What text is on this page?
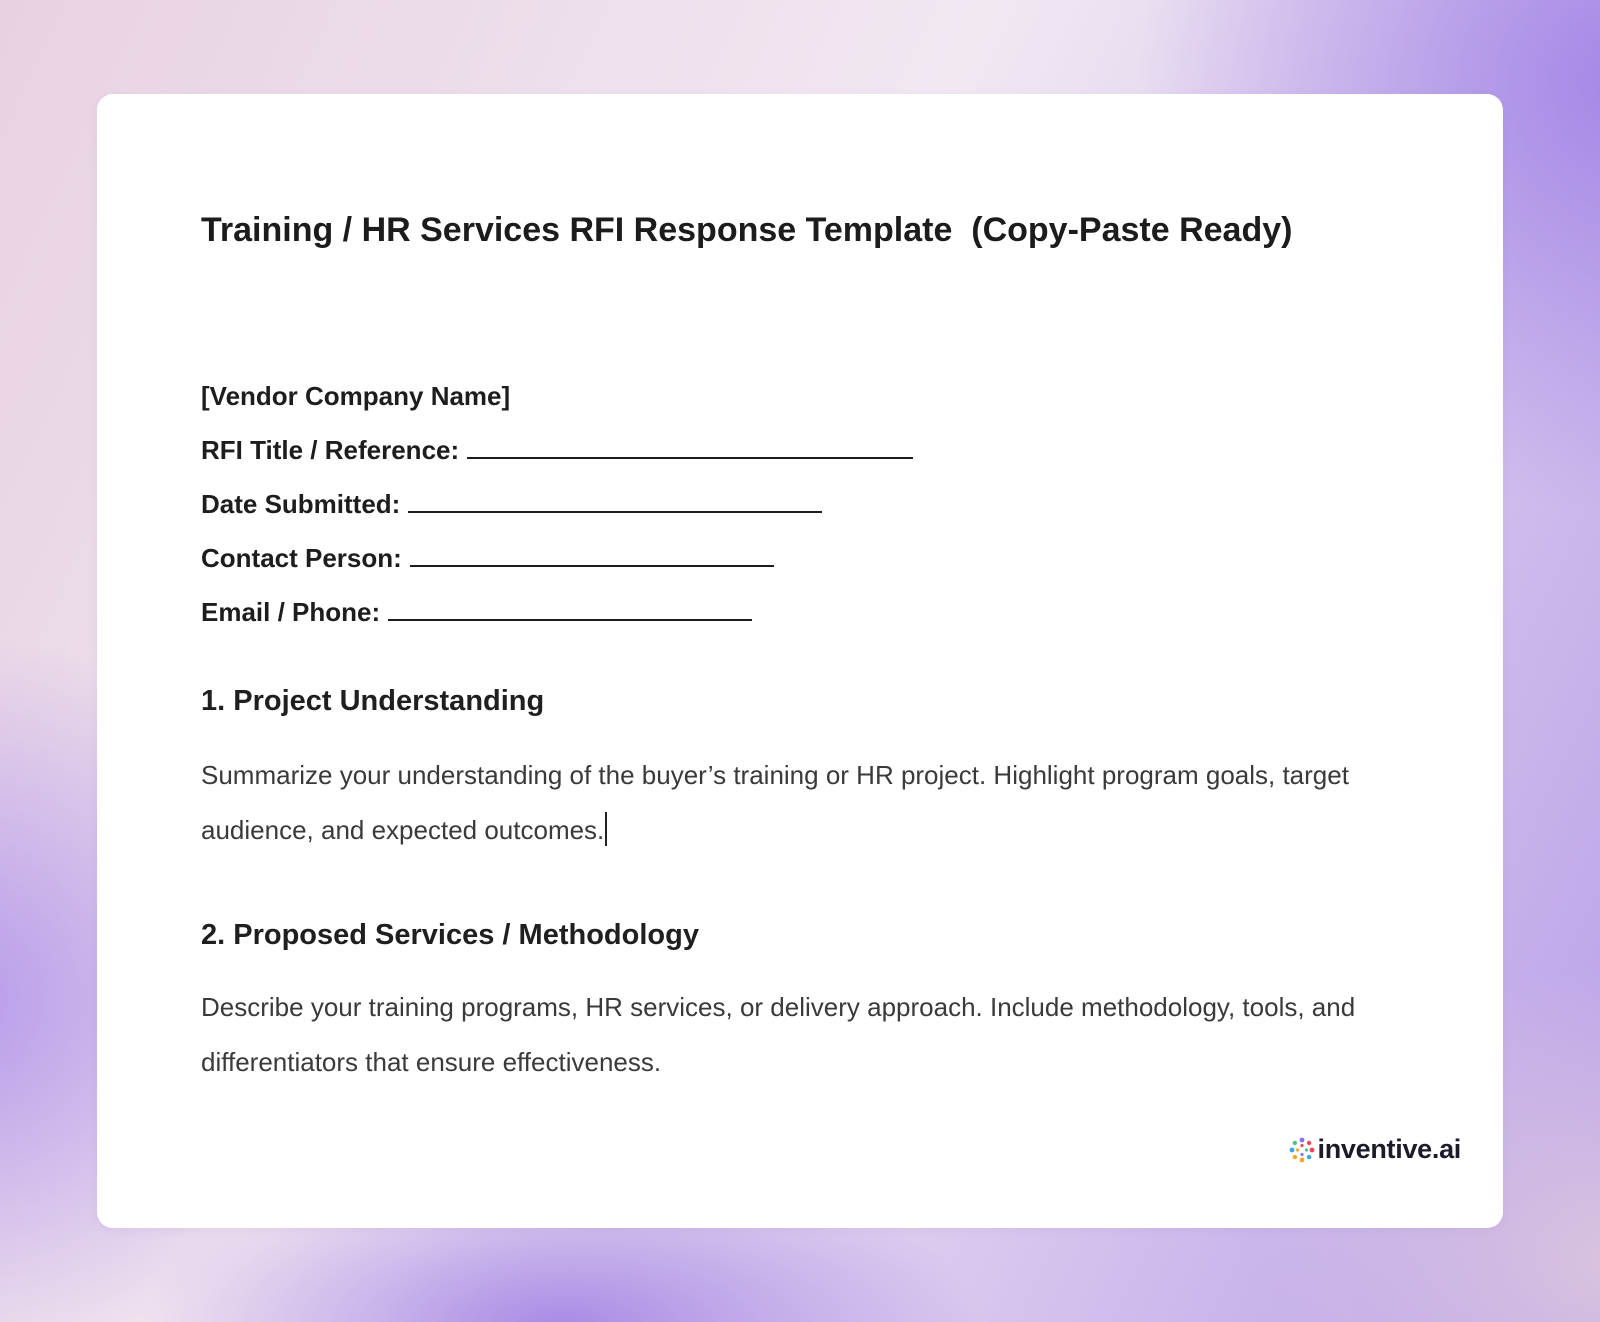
Training / HR Services RFI Response Template  (Copy-Paste Ready)
[Vendor Company Name]
RFI Title / Reference:
Date Submitted:
Contact Person:
Email / Phone:
1. Project Understanding

Summarize your understanding of the buyer’s training or HR project. Highlight program goals, target audience, and expected outcomes.

2. Proposed Services / Methodology

Describe your training programs, HR services, or delivery approach. Include methodology, tools, and differentiators that ensure effectiveness.

inventive.ai
